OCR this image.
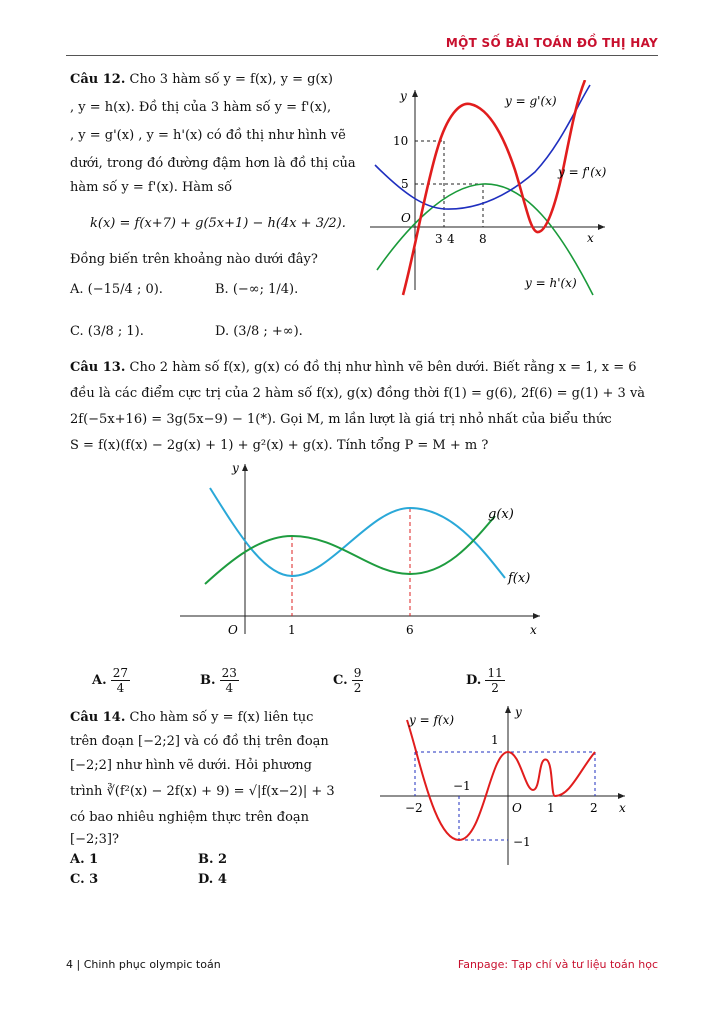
MỘT SỐ BÀI TOÁN ĐỒ THỊ HAY
Câu 12. Cho 3 hàm số y = f(x), y = g(x)
, y = h(x). Đồ thị của 3 hàm số y = f'(x),
, y = g'(x) , y = h'(x) có đồ thị như hình vẽ
dưới, trong đó đường đậm hơn là đồ thị của
hàm số y = f'(x). Hàm số
k(x) = f(x+7) + g(5x+1) − h(4x + 3/2).
Đồng biến trên khoảng nào dưới đây?
A. (−15/4 ; 0).	B. (−∞; 1/4).
C. (3/8 ; 1).	D. (3/8 ; +∞).
y
x
O
10
5
3 4 8
y = g'(x)
y = f'(x)
y = h'(x)
Câu 13. Cho 2 hàm số f(x), g(x) có đồ thị như hình vẽ bên dưới. Biết rằng x = 1, x = 6
đều là các điểm cực trị của 2 hàm số f(x), g(x) đồng thời f(1) = g(6), 2f(6) = g(1) + 3 và
2f(−5x+16) = 3g(5x−9) − 1(*). Gọi M, m lần lượt là giá trị nhỏ nhất của biểu thức
S = f(x)(f(x) − 2g(x) + 1) + g²(x) + g(x). Tính tổng P = M + m ?
y
x
O	1	6
g(x)
f(x)
A. $\frac{27}{4}$	B. $\frac{23}{4}$	C. $\frac{9}{2}$	D. $\frac{11}{2}$
Câu 14. Cho hàm số y = f(x) liên tục
trên đoạn [−2;2] và có đồ thị trên đoạn
[−2;2] như hình vẽ dưới. Hỏi phương
trình ∛(f²(x) − 2f(x) + 9) = √|f(x−2)| + 3
có bao nhiêu nghiệm thực trên đoạn
[−2;3]?
A. 1	B. 2
C. 3	D. 4
y
x
O
y = f(x)
1
−1
−1
−2	1	2
4 | Chinh phục olympic toán	Fanpage: Tạp chí và tư liệu toán học
